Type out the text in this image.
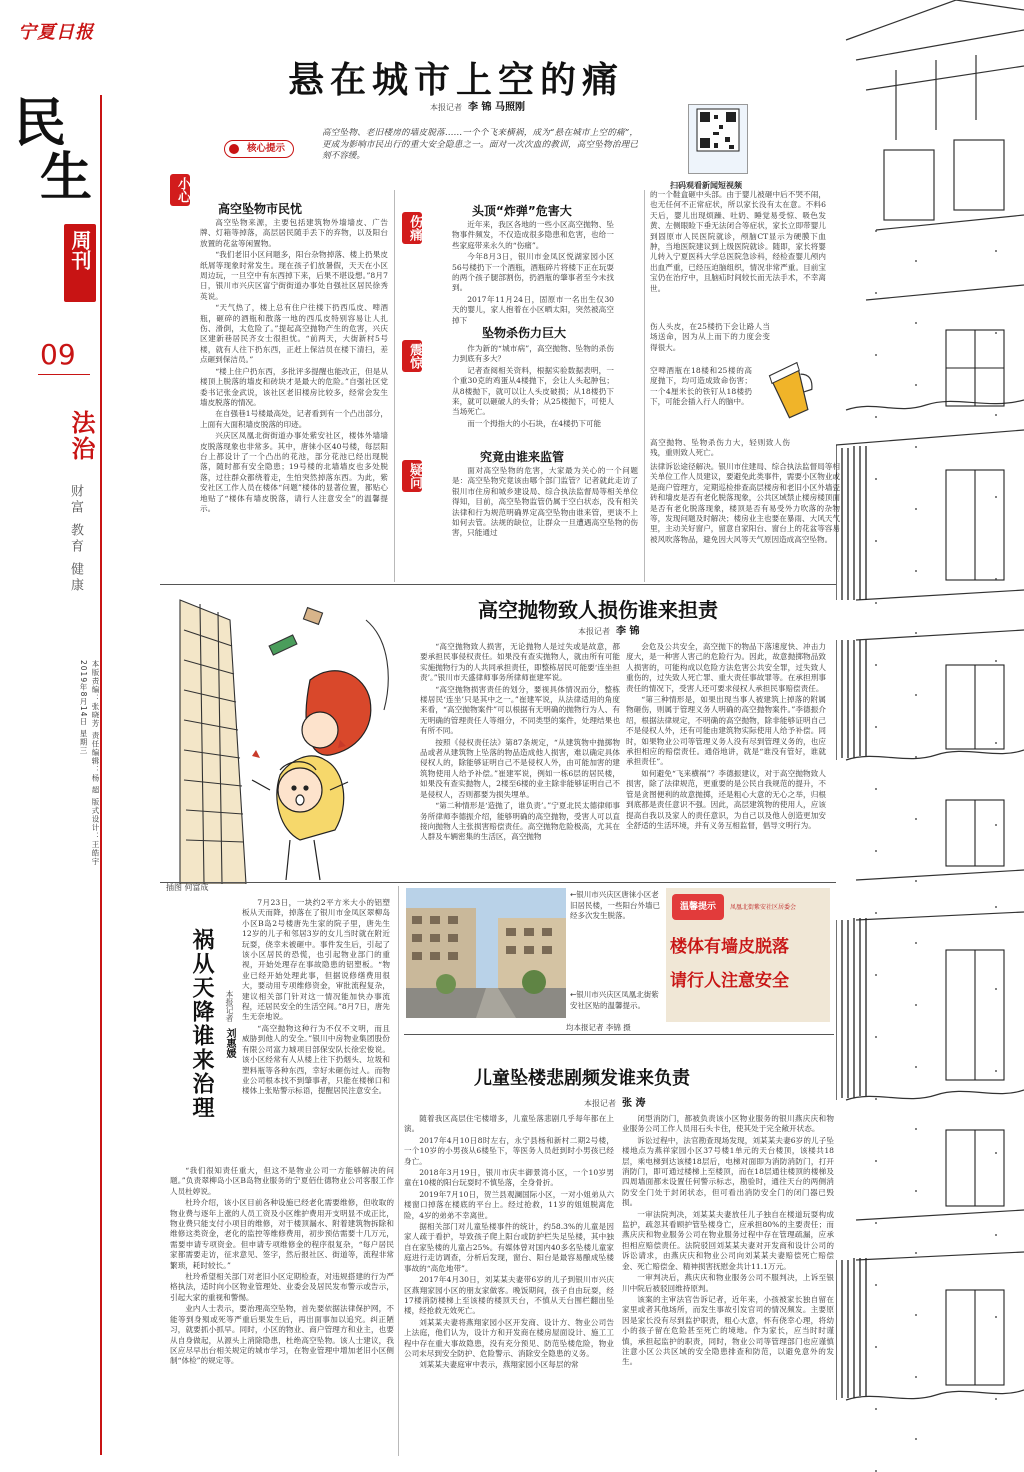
宁夏日报
民
生
周刊
09
法治
财富 教育 健康
本版责编：张晓芳 责任编辑：杨 超 版式设计：王皓宇
2019年8月14日 星期三
悬在城市上空的痛
本报记者 李 锦 马照刚
核心提示
高空坠物、老旧楼房的墙皮脱落……一个个飞来横祸，成为“悬在城市上空的痛”，更成为影响市民出行的重大安全隐患之一。面对一次次血的教训，高空坠物治理已刻不容缓。
扫码观看新闻短视频
小心
高空坠物市民忧

高空坠物来源，主要包括建筑物外墙墙皮、广告牌、灯箱等掉落，高层居民随手丢下的弃物，以及阳台放置的花盆等闲置物。

“我们老旧小区问题多，阳台杂物掉落、楼上扔果皮纸屑等现象时常发生。现在孩子们放暑假，天天在小区周边玩，一旦空中有东西掉下来，后果不堪设想。”8月7日，银川市兴庆区富宁街街道办事处自强社区居民徐秀英说。

“天气热了，楼上总有住户往楼下扔西瓜皮、啤酒瓶，砸碎的酒瓶和散落一地的西瓜皮特别容易让人扎伤、滑倒，太危险了。”提起高空抛物产生的危害，兴庆区建新巷居民齐女士很担忧。“前两天，大街新村5号楼，就有人往下扔东西，正赶上保洁员在楼下清扫，差点砸到保洁员。”

“楼上住户扔东西，多批评多提醒也能改正，但是从楼顶上脱落的墙皮和砖块才是最大的危险。”自强社区党委书记张金武说，该社区老旧楼房比较多，经常会发生墙皮脱落的情况。

在自强巷1号楼最高处，记者看到有一个凸出部分，上面有大面积墙皮脱落的印迹。

兴庆区凤凰北街街道办事处紫安社区，楼体外墙墙皮脱落现象也非常多。其中，唐徕小区40号楼，每层阳台上都设计了一个凸出的花池，部分花池已经出现脱落，随时都有安全隐患；19号楼的北墙墙皮也多处脱落，过往群众都绕着走，生怕突然掉落东西。为此，紫安社区工作人员在楼体“问题”楼体的显著位置，都贴心地贴了“楼体有墙皮脱落，请行人注意安全”的温馨提示。

伤痛
头顶“炸弹”危害大

近年来，我区各地的一些小区高空抛物、坠物事件频发，不仅造成很多隐患和危害，也给一些家庭带来永久的“伤痛”。

今年8月3日，银川市金凤区悦湖家园小区56号楼扔下一个酒瓶，酒瓶碎片将楼下正在玩耍的两个孩子腿部割伤，扔酒瓶的肇事者至今未找到。

2017年11月24日，固原市一名出生仅30天的婴儿，家人抱着在小区晒太阳，突然被高空掉下

震惊
坠物杀伤力巨大

作为新的“城市病”，高空抛物、坠物的杀伤力到底有多大？

记者查阅相关资料，根据实验数据表明，一个重30克的鸡蛋从4楼抛下，会让人头起肿包；从8楼抛下，就可以让人头皮破损；从18楼扔下来，就可以砸破人的头骨；从25楼抛下，可使人当场死亡。

而一个拇指大的小石块，在4楼扔下可能

疑问
究竟由谁来监管

面对高空坠物的危害，大家最为关心的一个问题是：高空坠物究竟该由哪个部门监管？记者就此走访了银川市住房和城乡建设局、综合执法监督局等相关单位得知，目前，高空坠物监管仍属于空白状态，没有相关法律和行为规范明确界定高空坠物由谁来管，更谈不上如何去管。法规的缺位，让群众一旦遭遇高空坠物的伤害，只能通过

的一个鞋盒砸中头部。由于婴儿被砸中后不哭不闹，也无任何不正常症状，所以家长没有太在意。不料6天后，婴儿出现烦躁、吐奶、睡觉易受惊、吸色发黄、左侧眼睑下垂无法闭合等症状，家长立即带婴儿到固原市人民医院就诊，颅脑CT显示为硬膜下血肿，当地医院建议到上级医院就诊。随即，家长将婴儿转入宁夏医科大学总医院急诊科，经检查婴儿颅内出血严重，已经压迫脑组织，情况非常严重。目前宝宝仍在治疗中，且脑疝时间较长而无法手术，不幸离世。
伤人头皮，在25楼扔下会让路人当场送命，因为从上而下的力度会变得很大。
空啤酒瓶在18楼和25楼的高度抛下，均可造成致命伤害；一个4厘米长的铁钉从18楼扔下，可能会插入行人的脑中。
高空抛物、坠物杀伤力大，轻则致人伤残，重则致人死亡。
法律诉讼途径解决。银川市住建局、综合执法监督局等相关单位工作人员建议，要避免此类事件，需要小区物业或是商户管理方，定期巡检排查高层楼房和老旧小区外墙瓷砖和墙皮是否有老化脱落现象，公共区域禁止楼房楼顶面是否有老化脱落现象，楼顶是否有易受外力吹落的杂物等，发现问题及时解决；楼房业主也要在暴雨、大风天气里，主动关好窗户，留意自家阳台、窗台上的花盆等容易被风吹落物品，避免因大风等天气原因造成高空坠物。
插图 何富成
高空抛物致人损伤谁来担责
本报记者 李 锦

“高空抛物致人损害，无论抛物人是过失或是故意，都要承担民事侵权责任。如果没有查实抛物人，就由所有可能实施抛物行为的人共同承担责任，即整栋居民可能要‘连坐担责’。”银川市天盛律师事务所律师崔建军说。

“高空抛物损害责任的划分，要视具体情况而分，整栋楼居民‘连坐’只是其中之一。”崔建军说，从法律适用的角度来看，“高空抛物案件”可以根据有无明确的抛物行为人、有无明确的管理责任人等细分，不同类型的案件，处理结果也有所不同。

按照《侵权责任法》第87条规定，“从建筑物中抛掷物品或者从建筑物上坠落的物品造成他人损害，难以确定具体侵权人的，除能够证明自己不是侵权人外，由可能加害的建筑物使用人给予补偿。”崔建军说，例如一栋6层的居民楼，如果没有查实抛物人，2楼至6楼的业主除非能够证明自己不是侵权人，否则都要为损失埋单。

“第二种情形是‘造抛了，谁负责’。”宁夏北民太德律师事务所律师李德振介绍，能够明确的高空抛物，受害人可以直接向抛物人主张损害赔偿责任。高空抛物危险极高，尤其在人群及车辆密集的生活区，高空抛物

会危及公共安全，高空抛下的物品下落速度快、冲击力度大，是一种害人害己的危险行为。因此，故意抛掷物品致人损害的，可能构成以危险方法危害公共安全罪，过失致人重伤的，过失致人死亡罪、重大责任事故罪等。在承担刑事责任的情况下，受害人还可要求侵权人承担民事赔偿责任。

“第三种情形是，如果出现当事人被建筑上掉落的附属物砸伤，则属于管理义务人明确的高空抛物案件。”李德振介绍，根据法律规定，不明确的高空抛物，除非能够证明自己不是侵权人外，还有可能由建筑物实际使用人给予补偿。同时，如果物业公司等管理义务人没有尽到管理义务的，也应承担相应的赔偿责任。通俗地讲，就是“谁没有管好，谁就承担责任”。

如何避免“飞来横祸”？李德振建议，对于高空抛物致人损害，除了法律规范，更重要的是公民自我规范的提升，不管是贪图便利的故意抛掷，还是粗心大意的无心之举，归根到底都是责任意识不强。因此，高层建筑物的使用人，应该提高自我以及家人的责任意识，为自己以及他人创造更加安全舒适的生活环境，并有义务互相监督，倡导文明行为。

祸从天降谁来治理	本报记者刘惠媛

7月23日，一块约2平方米大小的铝塑板从天而降，掉落在了银川市金凤区翠柳岛小区B岛2号楼唐先生家的院子里，唐先生12岁的儿子和邻居3岁的女儿当时就在附近玩耍，侥幸未被砸中。事件发生后，引起了该小区居民的恐慌，也引起物业部门的重视，开始处理存在事故隐患的铝塑板。“物业已经开始处理此事，但据说修缮费用很大，要动用专项维修资金，审批流程复杂，建议相关部门针对这一情况能加快办事流程，还居民安全的生活空间。”8月7日，唐先生无奈地说。

“高空抛物这种行为不仅不文明，而且威胁到他人的安全。”银川中房物业集团股份有限公司富力城项目部保安队长徐宏俊说。该小区经常有人从楼上往下扔烟头、垃圾和塑料瓶等各种东西，幸好未砸伤过人。而物业公司根本找不到肇事者，只能在楼梯口和楼体上张贴警示标语，提醒居民注意安全。

“我们很知责任重大，但这不是物业公司一方能够解决的问题。”负责翠柳岛小区B岛物业服务的宁夏佰仕德物业公司客服工作人员杜婷说。

杜玲介绍，该小区目前各种设施已经老化需要维修，但收取的物业费与逐年上涨的人员工资及小区维护费用开支明显不成正比，物业费只能支付小项目的维修，对于楼顶漏水、附着建筑物拆除和维修这类资金，老化的监控等维修费用，初步预估需要十几万元，需要申请专项资金。但申请专项维修金的程序很复杂，“每户居民家都需要走访，征求意见、签字，然后报社区、街道等，流程非常繁琐，耗时较长。”

杜玲希望相关部门对老旧小区定期检查，对违规搭建的行为严格执法，适时向小区物业管理处、业委会及居民发布警示或告示，引起大家的重视和警惕。

业内人士表示，要治理高空坠物，首先要依据法律保护网，不能等到身殒或死等严重后果发生后，再出面事加以追究。纠正陋习，就要抓小抓早。同时，小区的物业、商户管理方和业主，也要从自身做起，从源头上消除隐患，杜绝高空坠物。该人士建议，我区应尽早出台相关规定的城市学习，在物业管理中增加老旧小区侧制“体检”的规定等。

←银川市兴庆区唐徕小区老旧居民楼，一些阳台外墙已经多次发生脱落。
←银川市兴庆区凤凰北街紫安社区贴的温馨提示。
均本报记者 李锦 摄
温馨提示	凤凰北街紫安社区居委会
楼体有墙皮脱落
请行人注意安全
儿童坠楼悲剧频发谁来负责
本报记者 张 涛

随着我区高层住宅楼增多，儿童坠落悲剧几乎每年都在上演。

2017年4月10日8时左右，永宁县杨和新村二期2号楼，一个10岁的小男孩从6楼坠下，等医务人员赶到时小男孩已经身亡。

2018年3月19日，银川市庆丰御景湾小区，一个10岁男童在10楼的阳台玩耍时不慎坠落，全身骨折。

2019年7月10日，贺兰县观澜国际小区，一对小姐弟从六楼窗口掉落在楼底的平台上。经过抢救，11岁的姐姐脱离危险，4岁的弟弟不幸离世。

据相关部门对儿童坠楼事件的统计，约58.3%的儿童是因家人疏于看护，导致孩子爬上阳台或防护栏失足坠楼，其中独自在家坠楼的儿童占25%。有媒体曾对国内40多名坠楼儿童家庭进行走访调查，分析后发现，窗台、阳台是最容易酿成坠楼事故的“高危地带”。

2017年4月30日，刘某某夫妻带6岁的儿子到银川市兴庆区燕翔家园小区的朋友家做客。晚饭期间，孩子自由玩耍，经17楼消防楼梯上至该楼的楼顶天台，不慎从天台围栏翻出坠楼，经抢救无效死亡。

刘某某夫妻将燕翔家园小区开发商、设计方、物业公司告上法庭，他们认为，设计方和开发商在楼房屋面设计、施工工程中存在重大事故隐患，没有充分预见、防范坠楼危险，物业公司未尽到安全防护、危险警示、消除安全隐患的义务。

刘某某夫妻庭审中表示，燕翔家园小区每层的常

闭型消防门，都被负责该小区物业服务的银川燕庆庆和物业服务公司工作人员用石头卡住，使其处于完全敞开状态。

诉讼过程中，法官勘查现场发现，刘某某夫妻6岁的儿子坠楼地点为燕祥家园小区37号楼1单元的天台楼顶，该楼共18层，乘电梯到达该楼18层后，电梯对面即为消防消防门，打开消防门，即可通过楼梯上至楼顶，而在18层通往楼顶的楼梯及四周墙面都未设置任何警示标志，勘验时，通往天台的两侧消防安全门处于封闭状态，但可看出消防安全门的闭门器已毁损。

一审法院判决，刘某某夫妻放任儿子独自在楼道玩耍构成监护，疏忽其看顾护管坠楼身亡，应承担80%的主要责任；而燕庆庆和物业服务公司在物业服务过程中存在管理疏漏，应承担相应赔偿责任。法院驳回刘某某夫妻对开发商和设计公司的诉讼请求，由燕庆庆和物业公司向刘某某夫妻赔偿死亡赔偿金、死亡赔偿金、精神损害抚慰金共计11.1万元。

一审判决后，燕庆庆和物业服务公司不服判决，上诉至银川中院后被驳回维持原判。

该案的主审法官告诉记者，近年来，小孩被家长独自留在家里或者其他场所，而发生事故引发官司的情况频发。主要原因是家长没有尽到监护职责，粗心大意，怀有侥幸心理，将幼小的孩子留在危险甚至死亡的境地。作为家长，应当时时谨慎，承担起监护的职责，同时，物业公司等管理部门也应谨慎注意小区公共区域的安全隐患排查和防范，以避免意外的发生。
